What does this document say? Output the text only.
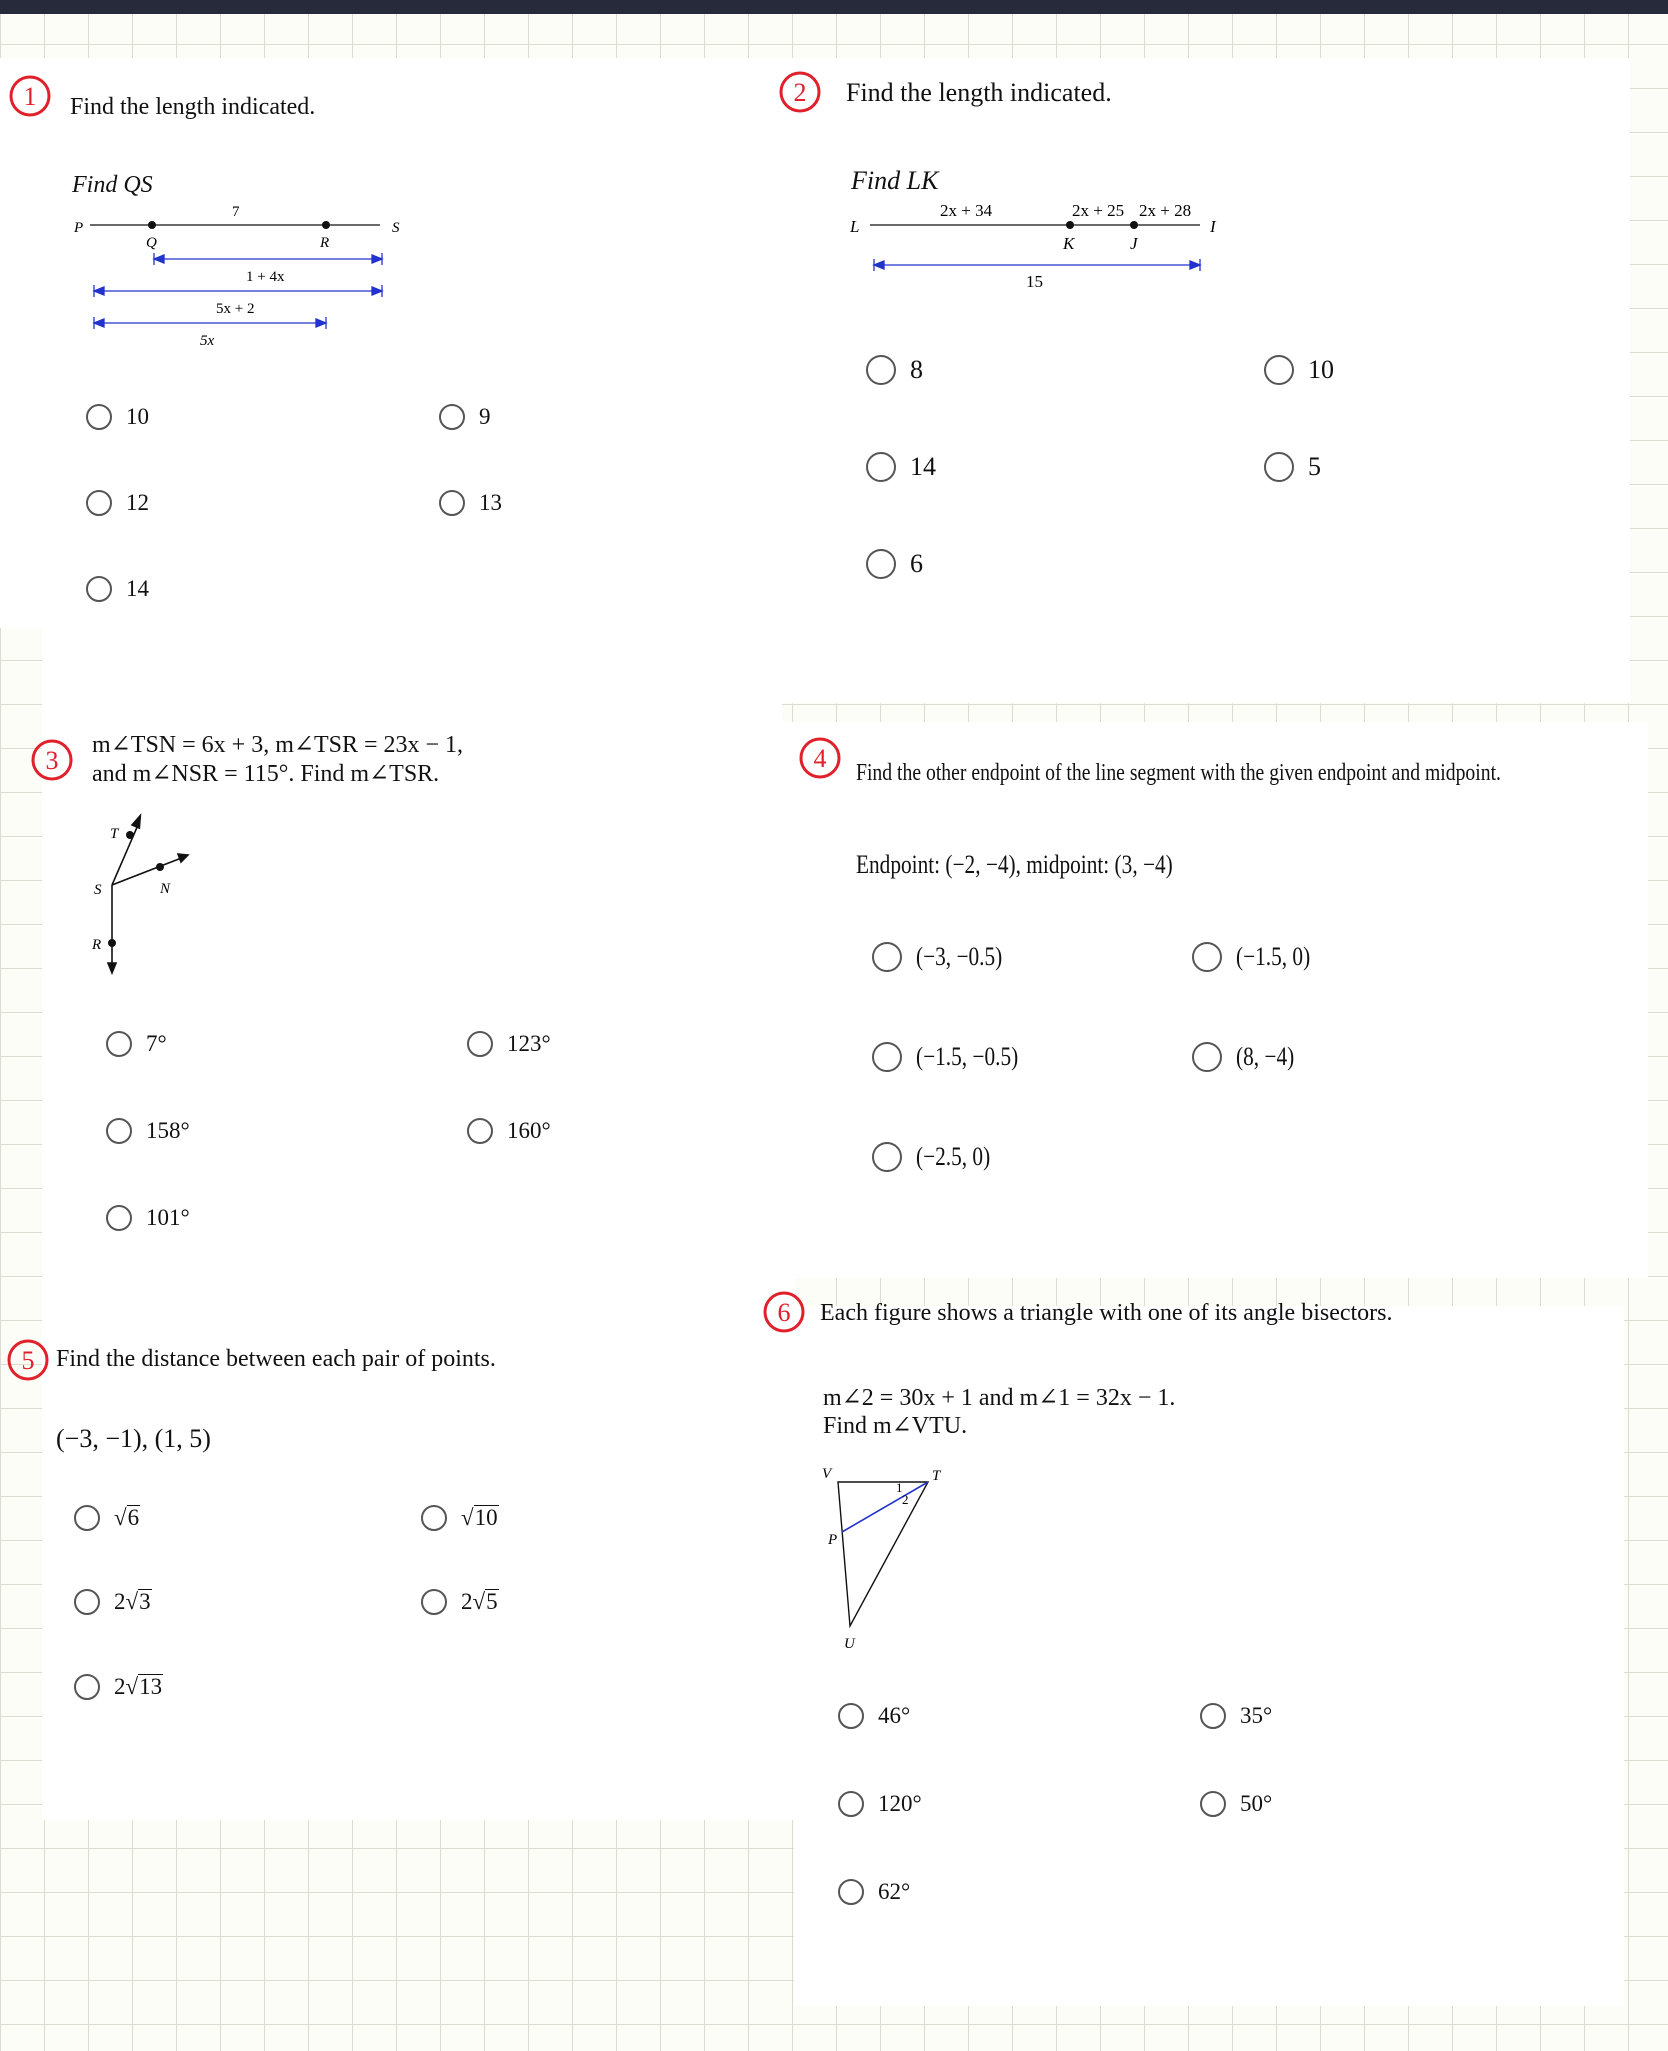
1 Find the length indicated.
Find QS
P
Q	R
S
7
1 + 4x
5x + 2
5x
10	9
12	13
14
2 Find the length indicated.
Find LK
L
K	J
I
2x + 34	2x + 25 2x + 28
15
8	10
14	5
6
3
m∠TSN = 6x + 3, m∠TSR = 23x − 1,
and m∠NSR = 115°. Find m∠TSR.
T
N
S
R
7°	123°
158°	160°
101°
4 Find the other endpoint of the line segment with the given endpoint and midpoint.
Endpoint: (−2, −4), midpoint: (3, −4)
(−3, −0.5)	(−1.5, 0)
(−1.5, −0.5)	(8, −4)
(−2.5, 0)
5 Find the distance between each pair of points.
(−3, −1), (1, 5)
√ 6	√ 10
2√ 3	2√ 5
2√ 13
6 Each figure shows a triangle with one of its angle bisectors.
m∠2 = 30x + 1 and m∠1 = 32x − 1.
Find m∠VTU.
V	T
P
U
1
2
46°	35°
120°	50°
62°
